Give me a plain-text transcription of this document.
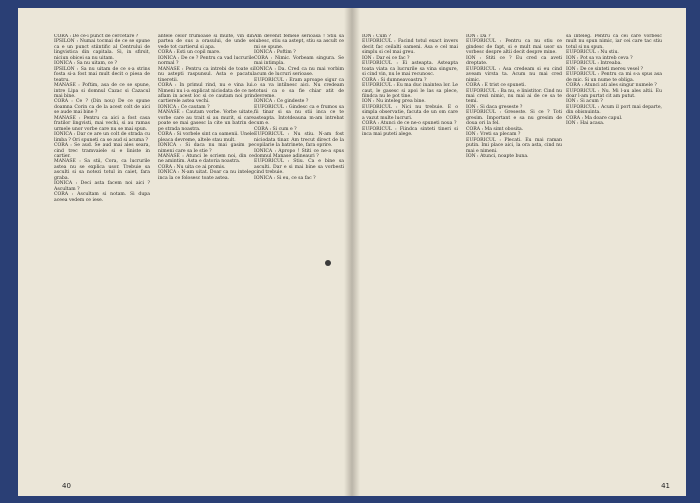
CORA : De ce-i punct de cercetare ?

IPSILON : Numai tocmai de ce se spune ca e un punct stiintific al Centrului de lingvistica din capitala. Si, in sfirsit, niciun obicei sa nu uitam.

IONICA : Sa nu uitam, ce ?

IPSILON : Sa nu uitam de ce s-a strins fosta si-a fost mai mult decit o piesa de teatru.

MANASE : Poftim, asa de ce se spune, intre Lipa si domnul Cazac si Cazacul mai bine.

CORA : Ce ? (Din nou) De ce spune doamna Corin ca de la acest colt de aici se aude mai bine ?

MANASE : Pentru ca aici a fost casa fratilor lingvisti, mai vechi, si au ramas urmele unor vorbe care nu se mai spun.

IONICA : Dar ce are un colt de strada cu limba ? Ori spuneti ca se aud si acuma ?

CORA : Se aud. Se aud mai ales seara, cind trec tramvaiele si e liniste in cartier.

MANASE : Sa stii, Cora, ca lucrurile astea nu se explica usor. Trebuie sa asculti si sa notezi totul in caiet, fara graba.

IONICA : Deci asta facem noi aici ? Ascultam ?

CORA : Ascultam si notam. Si dupa aceea vedem ce iese.

antele celor frumoase si multe, vin din partea de sus a orasului, de unde se vede tot cartierul si apa.

CORA : Esti un copil mare.

IONICA : De ce ? Pentru ca vad lucrurile normal ?

MANASE : Pentru ca intrebi de toate si nu astepti raspunsul. Asta e pacatul tineretii.

CORA : In primul rind, nu e vina lui. Nimeni nu i-a explicat niciodata de ce ne aflam in acest loc si ce cautam noi prin cartierele astea vechi.

IONICA : Ce cautam ?

MANASE : Cautam vorbe. Vorbe uitate, vorbe care au trait si au murit, si care poate se mai gasesc la cite un batrin de pe strada noastra.

CORA : Si vorbele sint ca oamenii. Unele pleaca devreme, altele stau mult.

IONICA : Si daca nu mai gasim pe nimeni care sa le stie ?

MANASE : Atunci le scriem noi, din ce ne amintim. Asta e datoria noastra.

CORA : Nu uita ce ai promis.

IONICA : N-am uitat. Doar ca nu inteleg inca la ce folosesc toate astea.

Am devenit femeie serioasa ! Stiu sa iubesc, stiu sa astept, stiu sa ascult ce mi se spune.

IONICA : Poftim ?

CORA : Nimic. Vorbeam singura. Se mai intimpla.

IONICA : Da. Cred ca nu mai vorbim acum de lucruri serioase.

EUFORICUL : Eram aproape sigur ca o sa va intilnesc aici. Nu credeam totusi ca o sa fie chiar atit de devreme.

IONICA : Ce gindeste ?

EUFORICUL : Gindesc ca e frumos sa fii tinar si sa nu stii inca ce te asteapta. Intotdeauna m-am intrebat cum e.

CORA : Si cum e ?

EUFORICUL : Nu stiu. N-am fost niciodata tinar. Am trecut direct de la copilarie la batrinete, fara oprire.

IONICA : Apropo ! Stiti ce ne-a spus domnul Manase adineauri ?

EUFORICUL : Stiu. Ca e bine sa asculti. Dar e si mai bine sa vorbesti cind trebuie.

IONICA : Si eu, ce sa fac ?

40

ION : Cum ?

EUFORICUL : Facind totul exact invers decit fac ceilalti oameni. Asa e cel mai simplu si cel mai greu.

ION : Dar ei ce fac ?

EUFORICUL : Ei asteapta. Asteapta toata viata ca lucrurile sa vina singure, si cind vin, nu le mai recunosc.

CORA : Si dumneavoastra ?

EUFORICUL : Eu ma duc inaintea lor. Le caut, le gasesc si apoi le las sa plece, fiindca nu le pot tine.

ION : Nu inteleg prea bine.

EUFORICUL : Nici nu trebuie. E o simpla observatie, facuta de un om care a vazut multe lucruri.

CORA : Atunci de ce ne-o spuneti noua ?

EUFORICUL : Fiindca sinteti tineri si inca mai puteti alege.

ION : Da ?

EUFORICUL : Pentru ca nu stiu ce gindesc de fapt, si e mult mai usor sa vorbesc despre altii decit despre mine.

ION : Stiti ce ? Eu cred ca aveti dreptate.

EUFORICUL : Asa credeam si eu cind aveam virsta ta. Acum nu mai cred nimic.

CORA : E trist ce spuneti.

EUFORICUL : Ba nu, e linistitor. Cind nu mai crezi nimic, nu mai ai de ce sa te temi.

ION : Si daca greseste ?

EUFORICUL : Greseste. Si ce ? Toti gresim. Important e sa nu gresim de doua ori la fel.

CORA : Ma simt obosita.

ION : Vreti sa plecam ?

EUFORICUL : Plecati. Eu mai raman putin. Imi place aici, la ora asta, cind nu mai e nimeni.

ION : Atunci, noapte buna.

sa inteleg. Pentru ca cei care vorbesc mult nu spun nimic, iar cei care tac stiu totul si nu spun.

EUFORICUL : Nu stiu.

ION : Pot sa va intreb ceva ?

EUFORICUL : Intreaba.

ION : De ce sinteti mereu vesel ?

EUFORICUL : Pentru ca mi s-a spus asa de mic. Si un nume te obliga.

CORA : Atunci ati ales singur numele ?

EUFORICUL : Nu. Mi l-au ales altii. Eu doar l-am purtat cit am putut.

ION : Si acum ?

EUFORICUL : Acum il port mai departe, din obisnuinta.

CORA : Ma doare capul.

ION : Hai acasa.

41
